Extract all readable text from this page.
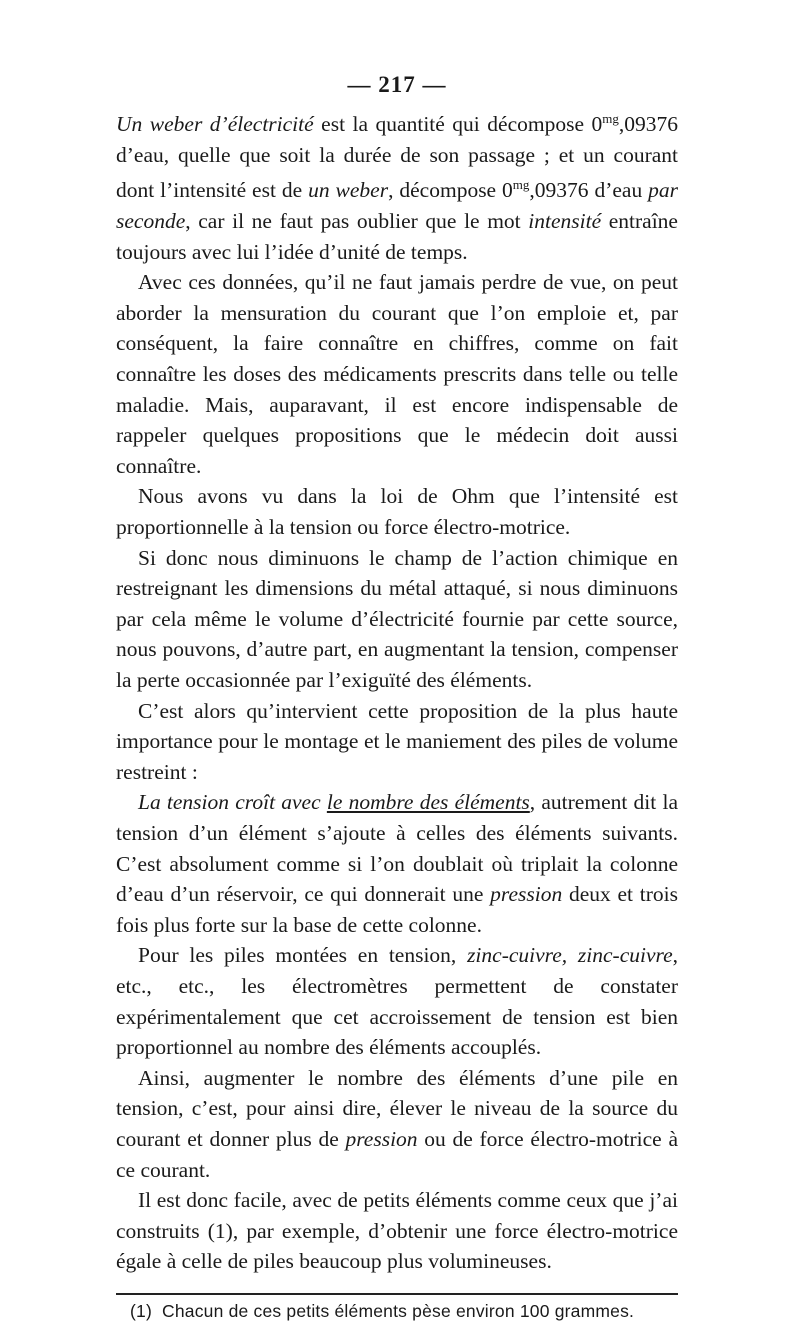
— 217 —

Un weber d’électricité est la quantité qui décompose $0^{mg},09376$ d’eau, quelle que soit la durée de son passage ; et un courant dont l’intensité est de un weber, décompose $0^{mg},09376$ d’eau par seconde, car il ne faut pas oublier que le mot intensité entraîne toujours avec lui l’idée d’unité de temps.

Avec ces données, qu’il ne faut jamais perdre de vue, on peut aborder la mensuration du courant que l’on emploie et, par conséquent, la faire connaître en chiffres, comme on fait connaître les doses des médicaments prescrits dans telle ou telle maladie. Mais, auparavant, il est encore indispensable de rappeler quelques propositions que le médecin doit aussi connaître.

Nous avons vu dans la loi de Ohm que l’intensité est proportionnelle à la tension ou force électro-motrice.

Si donc nous diminuons le champ de l’action chimique en restreignant les dimensions du métal attaqué, si nous diminuons par cela même le volume d’électricité fournie par cette source, nous pouvons, d’autre part, en augmentant la tension, compenser la perte occasionnée par l’exiguïté des éléments.

C’est alors qu’intervient cette proposition de la plus haute importance pour le montage et le maniement des piles de volume restreint :

La tension croît avec le nombre des éléments, autrement dit la tension d’un élément s’ajoute à celles des éléments suivants. C’est absolument comme si l’on doublait où triplait la colonne d’eau d’un réservoir, ce qui donnerait une pression deux et trois fois plus forte sur la base de cette colonne.

Pour les piles montées en tension, zinc-cuivre, zinc-cuivre, etc., etc., les électromètres permettent de constater expérimentalement que cet accroissement de tension est bien proportionnel au nombre des éléments accouplés.

Ainsi, augmenter le nombre des éléments d’une pile en tension, c’est, pour ainsi dire, élever le niveau de la source du courant et donner plus de pression ou de force électro-motrice à ce courant.

Il est donc facile, avec de petits éléments comme ceux que j’ai construits (1), par exemple, d’obtenir une force électro-motrice égale à celle de piles beaucoup plus volumineuses.

(1) Chacun de ces petits éléments pèse environ 100 grammes.
